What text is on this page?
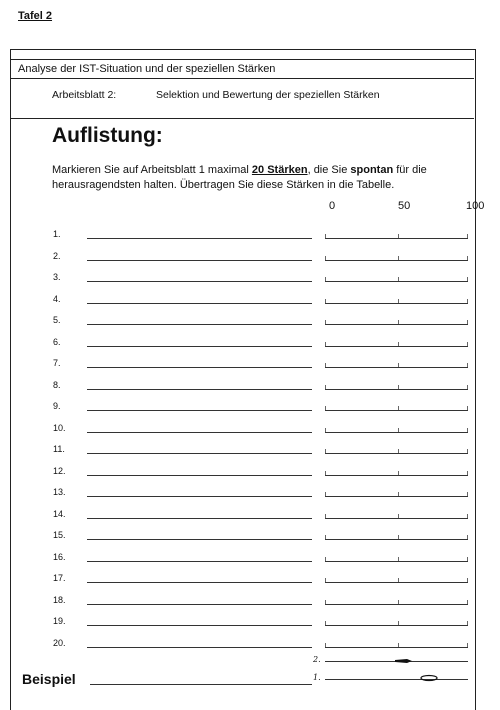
Tafel 2
Analyse der IST-Situation und der speziellen Stärken
Arbeitsblatt 2:	Selektion und Bewertung der speziellen Stärken
Auflistung:
Markieren Sie auf Arbeitsblatt 1 maximal 20 Stärken, die Sie spontan für die herausragendsten halten. Übertragen Sie diese Stärken in die Tabelle.
0	50	100
1.
2.
3.
4.
5.
6.
7.
8.
9.
10.
11.
12.
13.
14.
15.
16.
17.
18.
19.
20.
Beispiel
2.
1.
